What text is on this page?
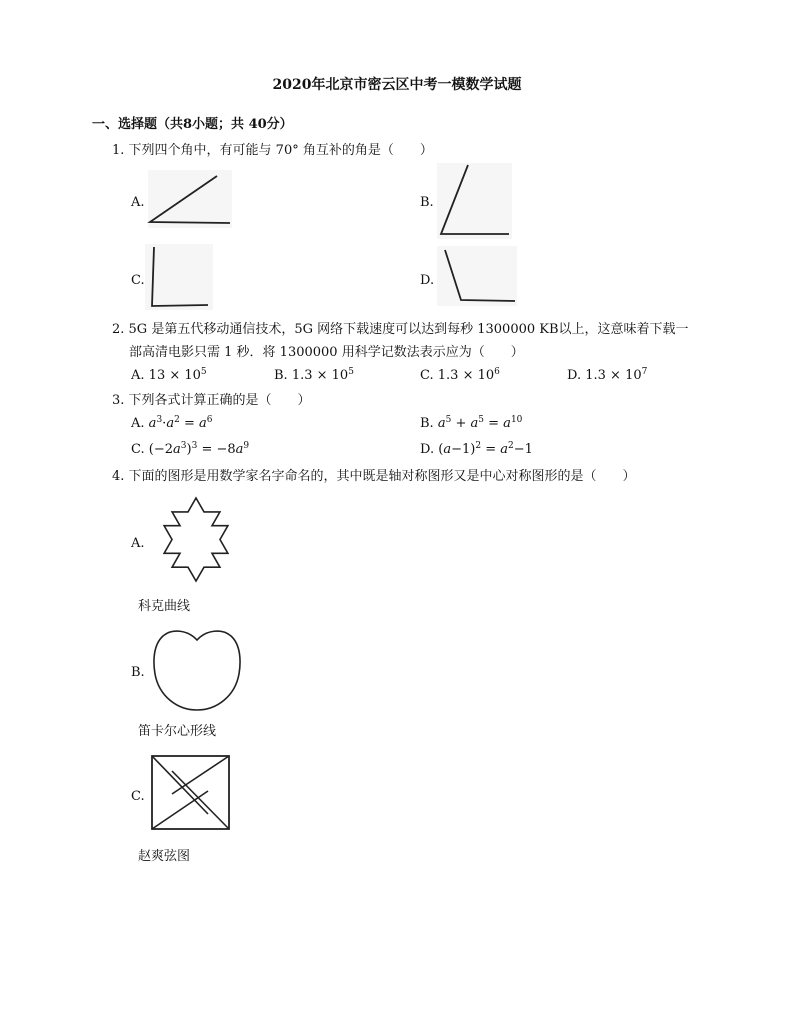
2020年北京市密云区中考一模数学试题
一、选择题（共8小题；共 40分）
1. 下列四个角中，有可能与 70° 角互补的角是（　　）
A.	B.
C.	D.
2. 5G 是第五代移动通信技术，5G 网络下载速度可以达到每秒 1300000 KB以上，这意味着下载一
部高清电影只需 1 秒．将 1300000 用科学记数法表示应为（　　）
A. $13 \times 10^5$	B. $1.3 \times 10^5$	C. $1.3 \times 10^6$	D. $1.3 \times 10^7$
3. 下列各式计算正确的是（　　）
A. $a^3\cdot a^2 = a^6$	B. $a^5 + a^5 = a^{10}$
C. $(-2a^3)^3 = -8a^9$	D. $(a-1)^2 = a^2-1$
4. 下面的图形是用数学家名字命名的，其中既是轴对称图形又是中心对称图形的是（　　）
A.
科克曲线
B.
笛卡尔心形线
C.
赵爽弦图
